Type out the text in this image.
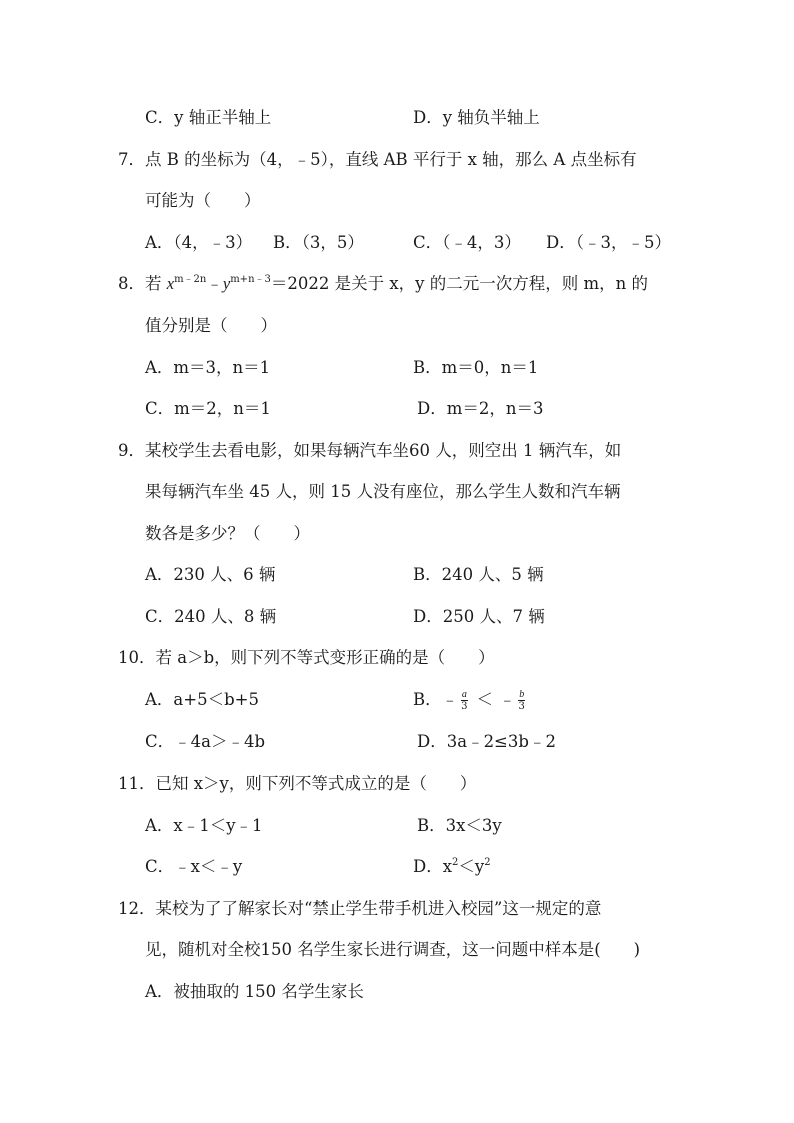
C．y 轴正半轴上	D．y 轴负半轴上
7．点 B 的坐标为（4，﹣5），直线 AB 平行于 x 轴，那么 A 点坐标有
可能为（　　）
A．（4，﹣3） B．（3，5）	C．（﹣4，3） D．（﹣3，﹣5）
8．若 $x^{m﹣2n}﹣y^{m+n﹣3}=2022$ 是关于 x，y 的二元一次方程，则 m，n 的
值分别是（　　）
A．m＝3，n＝1	B．m＝0，n＝1
C．m＝2，n＝1	D．m＝2，n＝3
9．某校学生去看电影，如果每辆汽车坐60 人，则空出 1 辆汽车，如
果每辆汽车坐 45 人，则 15 人没有座位，那么学生人数和汽车辆
数各是多少？（　　）
A．230 人、6 辆	B．240 人、5 辆
C．240 人、8 辆	D．250 人、7 辆
10．若 a＞b，则下列不等式变形正确的是（　　）
A．a+5＜b+5	B． ﹣ $\frac{a}{3}$ ＜ ﹣ $\frac{b}{3}$
C．﹣4a＞﹣4b	D．3a﹣2≤3b﹣2
11．已知 x＞y，则下列不等式成立的是（　　）
A．x﹣1＜y﹣1	B．3x＜3y
C．﹣x＜﹣y	D．$x^2<y^2$
12．某校为了了解家长对“禁止学生带手机进入校园”这一规定的意
见，随机对全校150 名学生家长进行调查，这一问题中样本是(　　)
A．被抽取的 150 名学生家长
